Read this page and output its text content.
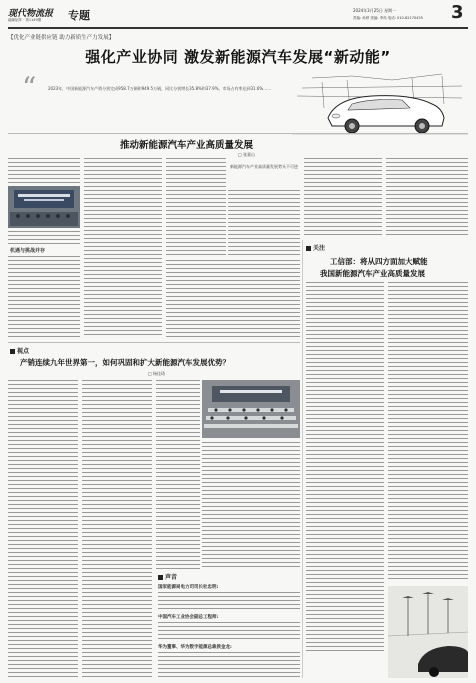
现代物流报
融媒矩阵 · 第1149期 专题	2024年3月25日 星期一
责编: 孙婷 美编: 李冉 电话: 010-82170435 3
【优化产业链供应链 助力新质生产力发展】
强化产业协同 激发新能源汽车发展“新动能”
“	2023年，中国新能源汽车产销分别完成958.7万辆和949.5万辆，同比分别增长35.8%和37.9%，市场占有率达到31.6%……
推动新能源汽车产业高质量发展
□ 张嘉山
机遇与挑战并存
新能源汽车产业高质量发展势头不可逆
关注
工信部：将从四方面加大赋能
我国新能源汽车产业高质量发展
视点
产销连续九年世界第一，如何巩固和扩大新能源汽车发展优势？
□ 杨佳琦
声音
国家能源局电力司司长杜忠明:
中国汽车工业协会副总工程师:
华为董事、华为数字能源总裁侯金龙:
